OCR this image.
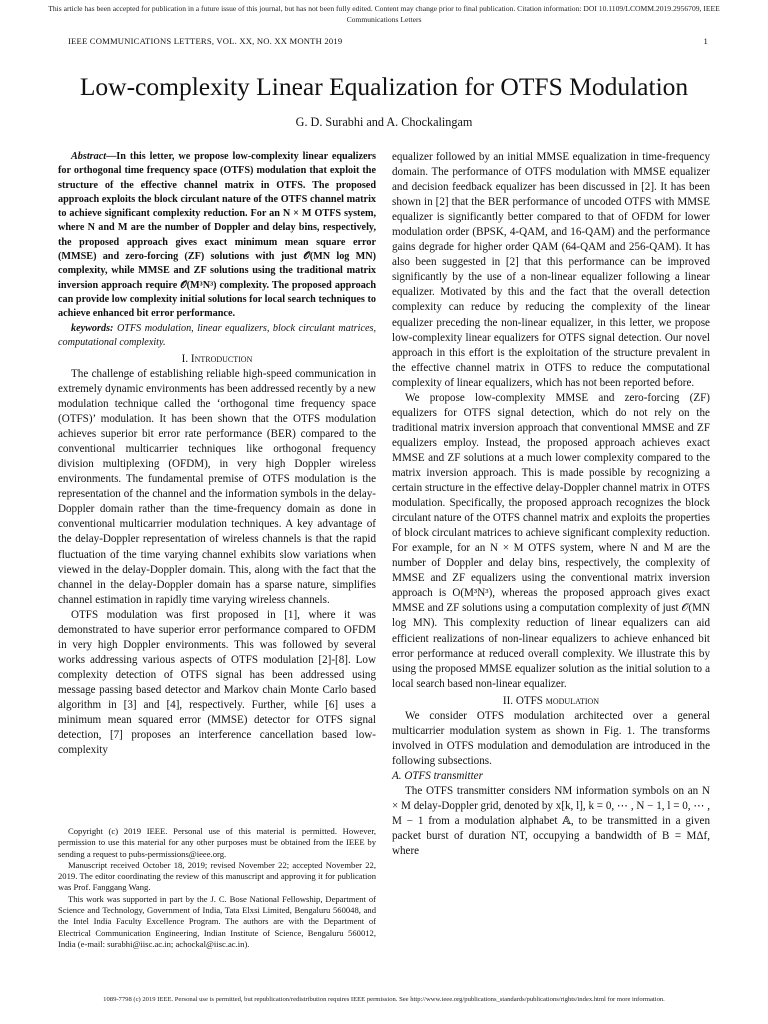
This article has been accepted for publication in a future issue of this journal, but has not been fully edited. Content may change prior to final publication. Citation information: DOI 10.1109/LCOMM.2019.2956709, IEEE
Communications Letters
IEEE COMMUNICATIONS LETTERS, VOL. XX, NO. XX MONTH 2019	1
Low-complexity Linear Equalization for OTFS Modulation
G. D. Surabhi and A. Chockalingam

Abstract—In this letter, we propose low-complexity linear equalizers for orthogonal time frequency space (OTFS) modulation that exploit the structure of the effective channel matrix in OTFS. The proposed approach exploits the block circulant nature of the OTFS channel matrix to achieve significant complexity reduction. For an N × M OTFS system, where N and M are the number of Doppler and delay bins, respectively, the proposed approach gives exact minimum mean square error (MMSE) and zero-forcing (ZF) solutions with just 𝒪(MN log MN) complexity, while MMSE and ZF solutions using the traditional matrix inversion approach require 𝒪(M³N³) complexity. The proposed approach can provide low complexity initial solutions for local search techniques to achieve enhanced bit error performance.

keywords: OTFS modulation, linear equalizers, block circulant matrices, computational complexity.

I. Introduction

The challenge of establishing reliable high-speed communication in extremely dynamic environments has been addressed recently by a new modulation technique called the ‘orthogonal time frequency space (OTFS)’ modulation. It has been shown that the OTFS modulation achieves superior bit error rate performance (BER) compared to the conventional multicarrier techniques like orthogonal frequency division multiplexing (OFDM), in very high Doppler wireless environments. The fundamental premise of OTFS modulation is the representation of the channel and the information symbols in the delay-Doppler domain rather than the time-frequency domain as done in conventional multicarrier modulation techniques. A key advantage of the delay-Doppler representation of wireless channels is that the rapid fluctuation of the time varying channel exhibits slow variations when viewed in the delay-Doppler domain. This, along with the fact that the channel in the delay-Doppler domain has a sparse nature, simplifies channel estimation in rapidly time varying wireless channels.

OTFS modulation was first proposed in [1], where it was demonstrated to have superior error performance compared to OFDM in very high Doppler environments. This was followed by several works addressing various aspects of OTFS modulation [2]-[8]. Low complexity detection of OTFS signal has been addressed using message passing based detector and Markov chain Monte Carlo based algorithm in [3] and [4], respectively. Further, while [6] uses a minimum mean squared error (MMSE) detector for OTFS signal detection, [7] proposes an interference cancellation based low-complexity

Copyright (c) 2019 IEEE. Personal use of this material is permitted. However, permission to use this material for any other purposes must be obtained from the IEEE by sending a request to pubs-permissions@ieee.org.

Manuscript received October 18, 2019; revised November 22; accepted November 22, 2019. The editor coordinating the review of this manuscript and approving it for publication was Prof. Fanggang Wang.

This work was supported in part by the J. C. Bose National Fellowship, Department of Science and Technology, Government of India, Tata Elxsi Limited, Bengaluru 560048, and the Intel India Faculty Excellence Program. The authors are with the Department of Electrical Communication Engineering, Indian Institute of Science, Bengaluru 560012, India (e-mail: surabhi@iisc.ac.in; achockal@iisc.ac.in).

equalizer followed by an initial MMSE equalization in time-frequency domain. The performance of OTFS modulation with MMSE equalizer and decision feedback equalizer has been discussed in [2]. It has been shown in [2] that the BER performance of uncoded OTFS with MMSE equalizer is significantly better compared to that of OFDM for lower modulation order (BPSK, 4-QAM, and 16-QAM) and the performance gains degrade for higher order QAM (64-QAM and 256-QAM). It has also been suggested in [2] that this performance can be improved significantly by the use of a non-linear equalizer following a linear equalizer. Motivated by this and the fact that the overall detection complexity can reduce by reducing the complexity of the linear equalizer preceding the non-linear equalizer, in this letter, we propose low-complexity linear equalizers for OTFS signal detection. Our novel approach in this effort is the exploitation of the structure prevalent in the effective channel matrix in OTFS to reduce the computational complexity of linear equalizers, which has not been reported before.

We propose low-complexity MMSE and zero-forcing (ZF) equalizers for OTFS signal detection, which do not rely on the traditional matrix inversion approach that conventional MMSE and ZF equalizers employ. Instead, the proposed approach achieves exact MMSE and ZF solutions at a much lower complexity compared to the matrix inversion approach. This is made possible by recognizing a certain structure in the effective delay-Doppler channel matrix in OTFS modulation. Specifically, the proposed approach recognizes the block circulant nature of the OTFS channel matrix and exploits the properties of block circulant matrices to achieve significant complexity reduction. For example, for an N × M OTFS system, where N and M are the number of Doppler and delay bins, respectively, the complexity of MMSE and ZF equalizers using the conventional matrix inversion approach is O(M³N³), whereas the proposed approach gives exact MMSE and ZF solutions using a computation complexity of just 𝒪(MN log MN). This complexity reduction of linear equalizers can aid efficient realizations of non-linear equalizers to achieve enhanced bit error performance at reduced overall complexity. We illustrate this by using the proposed MMSE equalizer solution as the initial solution to a local search based non-linear equalizer.

II. OTFS modulation

We consider OTFS modulation architected over a general multicarrier modulation system as shown in Fig. 1. The transforms involved in OTFS modulation and demodulation are introduced in the following subsections.

A. OTFS transmitter

The OTFS transmitter considers NM information symbols on an N × M delay-Doppler grid, denoted by x[k, l], k = 0, ⋯ , N − 1, l = 0, ⋯ , M − 1 from a modulation alphabet 𝔸, to be transmitted in a given packet burst of duration NT, occupying a bandwidth of B = MΔf, where

1089-7798 (c) 2019 IEEE. Personal use is permitted, but republication/redistribution requires IEEE permission. See http://www.ieee.org/publications_standards/publications/rights/index.html for more information.
